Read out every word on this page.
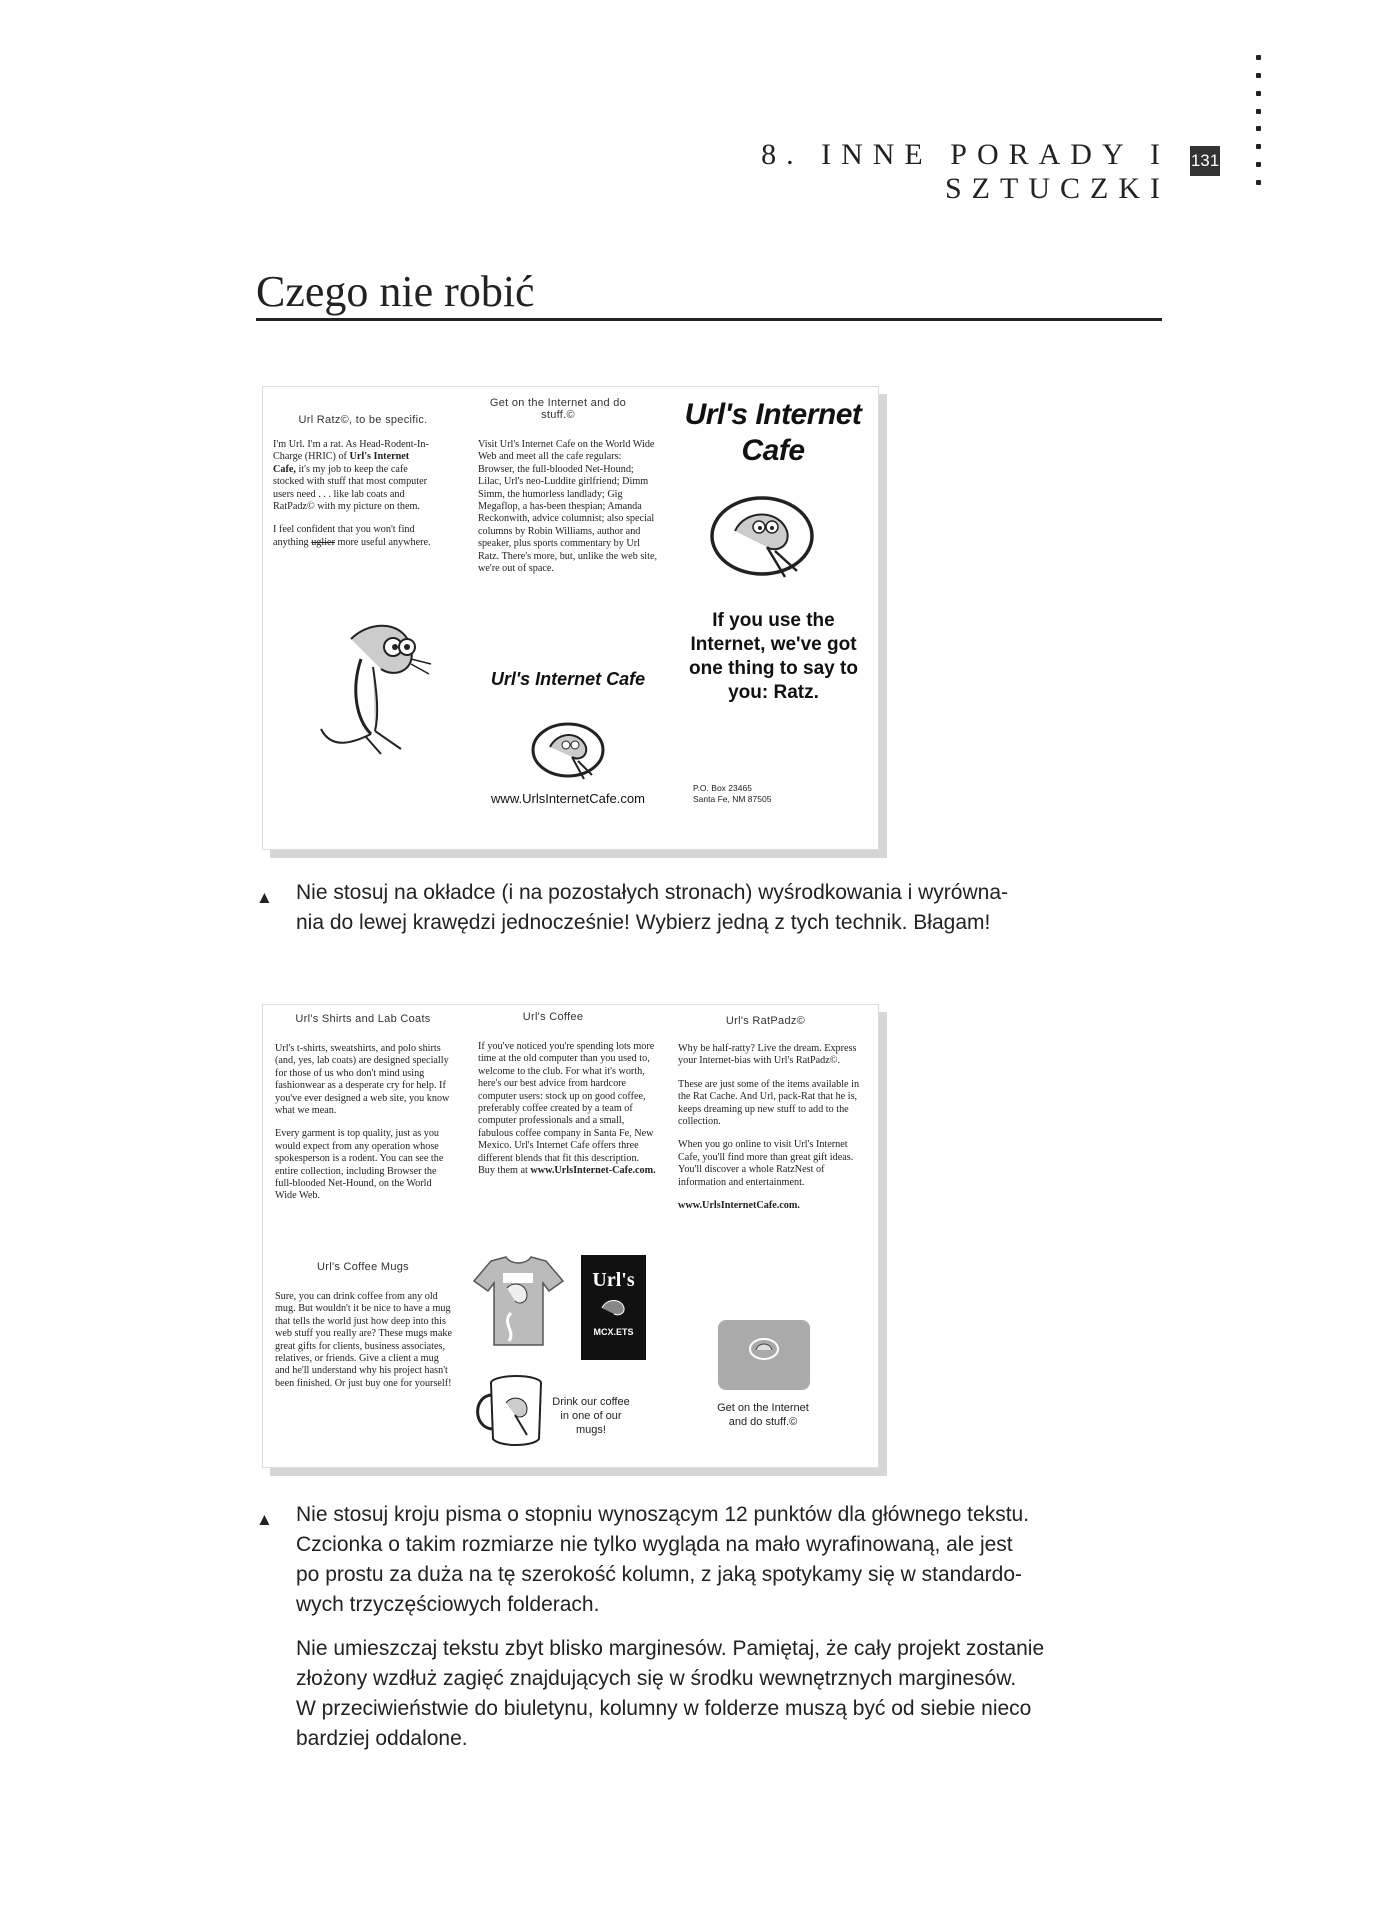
8. INNE PORADY I SZTUCZKI
131
Czego nie robić
Url Ratz©, to be specific.

I'm Url. I'm a rat. As Head-Rodent-In-Charge (HRIC) of Url's Internet Cafe, it's my job to keep the cafe stocked with stuff that most computer users need . . . like lab coats and RatPadz© with my picture on them.

I feel confident that you won't find anything uglier more useful anywhere.

Get on the Internet and do stuff.©
Visit Url's Internet Cafe on the World Wide Web and meet all the cafe regulars: Browser, the full-blooded Net-Hound; Lilac, Url's neo-Luddite girlfriend; Dimm Simm, the humorless landlady; Gig Megaflop, a has-been thespian; Amanda Reckonwith, advice columnist; also special columns by Robin Williams, author and speaker, plus sports commentary by Url Ratz. There's more, but, unlike the web site, we're out of space.
Url's Internet Cafe
www.UrlsInternetCafe.com
Url's Internet
Cafe
If you use the Internet, we've got one thing to say to you: Ratz.
P.O. Box 23465
Santa Fe, NM 87505
▲ Nie stosuj na okładce (i na pozostałych stronach) wyśrodkowania i wyrówna-
nia do lewej krawędzi jednocześnie! Wybierz jedną z tych technik. Błagam!
Url's Shirts and Lab Coats

Url's t-shirts, sweatshirts, and polo shirts (and, yes, lab coats) are designed specially for those of us who don't mind using fashionwear as a desperate cry for help. If you've ever designed a web site, you know what we mean.

Every garment is top quality, just as you would expect from any operation whose spokesperson is a rodent. You can see the entire collection, including Browser the full-blooded Net-Hound, on the World Wide Web.

Url's Coffee Mugs
Sure, you can drink coffee from any old mug. But wouldn't it be nice to have a mug that tells the world just how deep into this web stuff you really are? These mugs make great gifts for clients, business associates, relatives, or friends. Give a client a mug and he'll understand why his project hasn't been finished. Or just buy one for yourself!
Url's Coffee
If you've noticed you're spending lots more time at the old computer than you used to, welcome to the club. For what it's worth, here's our best advice from hardcore computer users: stock up on good coffee, preferably coffee created by a team of computer professionals and a small, fabulous coffee company in Santa Fe, New Mexico. Url's Internet Cafe offers three different blends that fit this description. Buy them at www.UrlsInternet-Cafe.com.
Url's
MCX.ETS
Drink our coffee in one of our mugs!
Url's RatPadz©

Why be half-ratty? Live the dream. Express your Internet-bias with Url's RatPadz©.

These are just some of the items available in the Rat Cache. And Url, pack-Rat that he is, keeps dreaming up new stuff to add to the collection.

When you go online to visit Url's Internet Cafe, you'll find more than great gift ideas. You'll discover a whole RatzNest of information and entertainment.

www.UrlsInternetCafe.com.

Get on the Internet and do stuff.©
▲ Nie stosuj kroju pisma o stopniu wynoszącym 12 punktów dla głównego tekstu.
Czcionka o takim rozmiarze nie tylko wygląda na mało wyrafinowaną, ale jest
po prostu za duża na tę szerokość kolumn, z jaką spotykamy się w standardo-
wych trzyczęściowych folderach.
Nie umieszczaj tekstu zbyt blisko marginesów. Pamiętaj, że cały projekt zostanie
złożony wzdłuż zagięć znajdujących się w środku wewnętrznych marginesów.
W przeciwieństwie do biuletynu, kolumny w folderze muszą być od siebie nieco
bardziej oddalone.
